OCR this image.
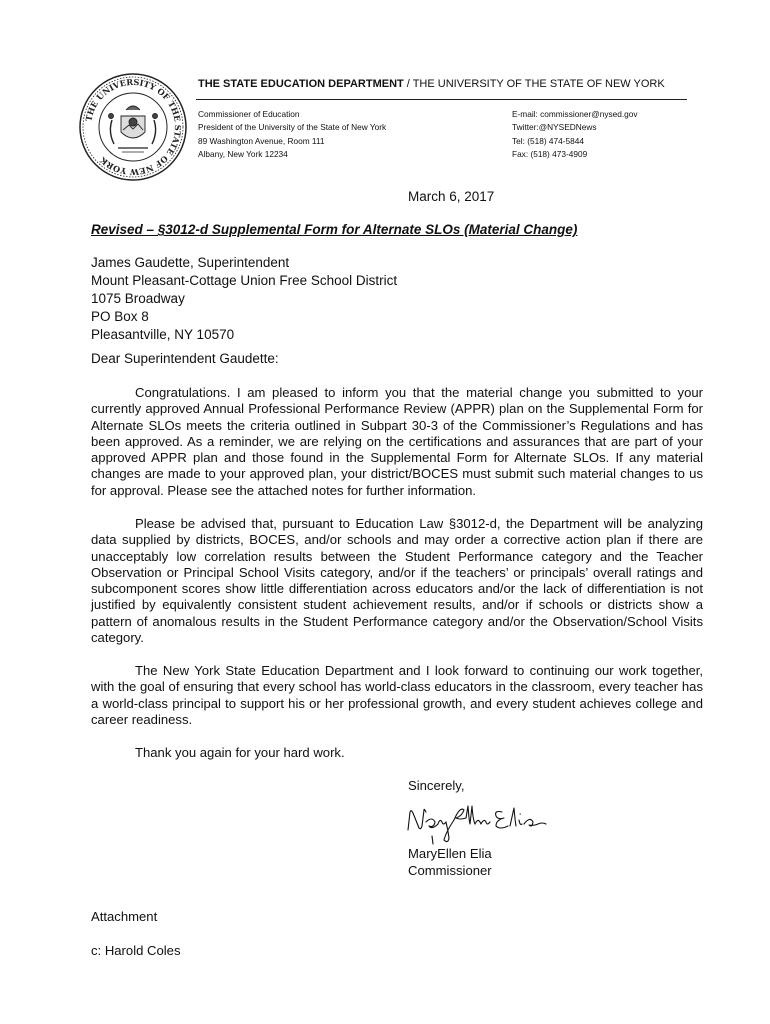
THE UNIVERSITY OF THE STATE OF NEW YORK
THE STATE EDUCATION DEPARTMENT / THE UNIVERSITY OF THE STATE OF NEW YORK
Commissioner of Education
President of the University of the State of New York
89 Washington Avenue, Room 111
Albany, New York 12234
E-mail: commissioner@nysed.gov
Twitter:@NYSEDNews
Tel: (518) 474-5844
Fax: (518) 473-4909
March 6, 2017
Revised – §3012-d Supplemental Form for Alternate SLOs (Material Change)
James Gaudette, Superintendent
Mount Pleasant-Cottage Union Free School District
1075 Broadway
PO Box 8
Pleasantville, NY 10570
Dear Superintendent Gaudette:

Congratulations. I am pleased to inform you that the material change you submitted to your currently approved Annual Professional Performance Review (APPR) plan on the Supplemental Form for Alternate SLOs meets the criteria outlined in Subpart 30-3 of the Commissioner’s Regulations and has been approved. As a reminder, we are relying on the certifications and assurances that are part of your approved APPR plan and those found in the Supplemental Form for Alternate SLOs. If any material changes are made to your approved plan, your district/BOCES must submit such material changes to us for approval. Please see the attached notes for further information.

Please be advised that, pursuant to Education Law §3012-d, the Department will be analyzing data supplied by districts, BOCES, and/or schools and may order a corrective action plan if there are unacceptably low correlation results between the Student Performance category and the Teacher Observation or Principal School Visits category, and/or if the teachers’ or principals’ overall ratings and subcomponent scores show little differentiation across educators and/or the lack of differentiation is not justified by equivalently consistent student achievement results, and/or if schools or districts show a pattern of anomalous results in the Student Performance category and/or the Observation/School Visits category.

The New York State Education Department and I look forward to continuing our work together, with the goal of ensuring that every school has world-class educators in the classroom, every teacher has a world-class principal to support his or her professional growth, and every student achieves college and career readiness.

Thank you again for your hard work.
Sincerely,
MaryEllen Elia
Commissioner
Attachment
c: Harold Coles
